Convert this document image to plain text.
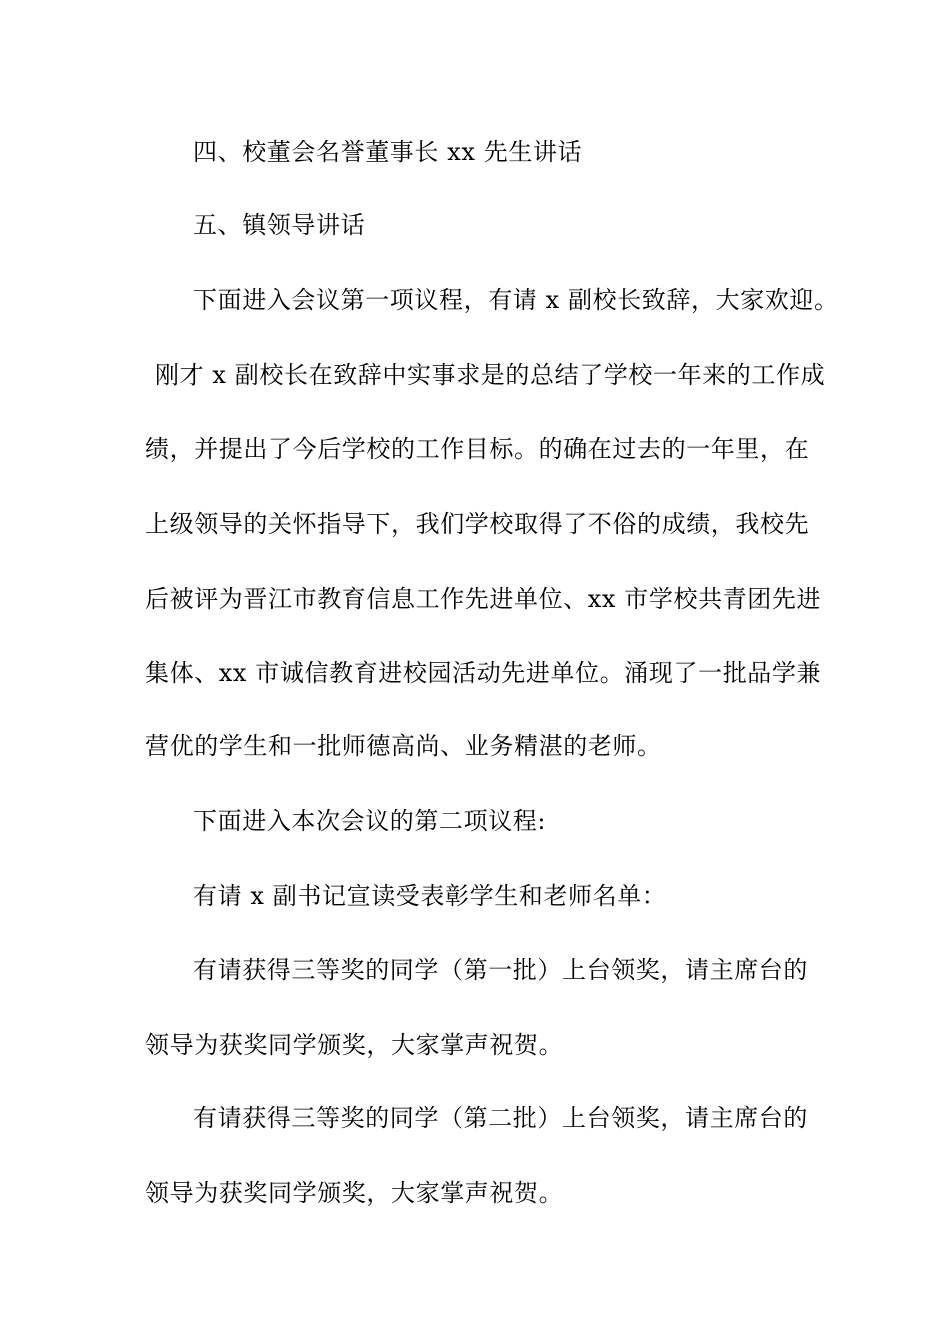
四、校董会名誉董事长 xx 先生讲话
五、镇领导讲话
下面进入会议第一项议程，有请 x 副校长致辞，大家欢迎。
刚才 x 副校长在致辞中实事求是的总结了学校一年来的工作成
绩，并提出了今后学校的工作目标。的确在过去的一年里，在
上级领导的关怀指导下，我们学校取得了不俗的成绩，我校先
后被评为晋江市教育信息工作先进单位、xx 市学校共青团先进
集体、xx 市诚信教育进校园活动先进单位。涌现了一批品学兼
营优的学生和一批师德高尚、业务精湛的老师。
下面进入本次会议的第二项议程:
有请 x 副书记宣读受表彰学生和老师名单：
有请获得三等奖的同学（第一批）上台领奖，请主席台的
领导为获奖同学颁奖，大家掌声祝贺。
有请获得三等奖的同学（第二批）上台领奖，请主席台的
领导为获奖同学颁奖，大家掌声祝贺。
